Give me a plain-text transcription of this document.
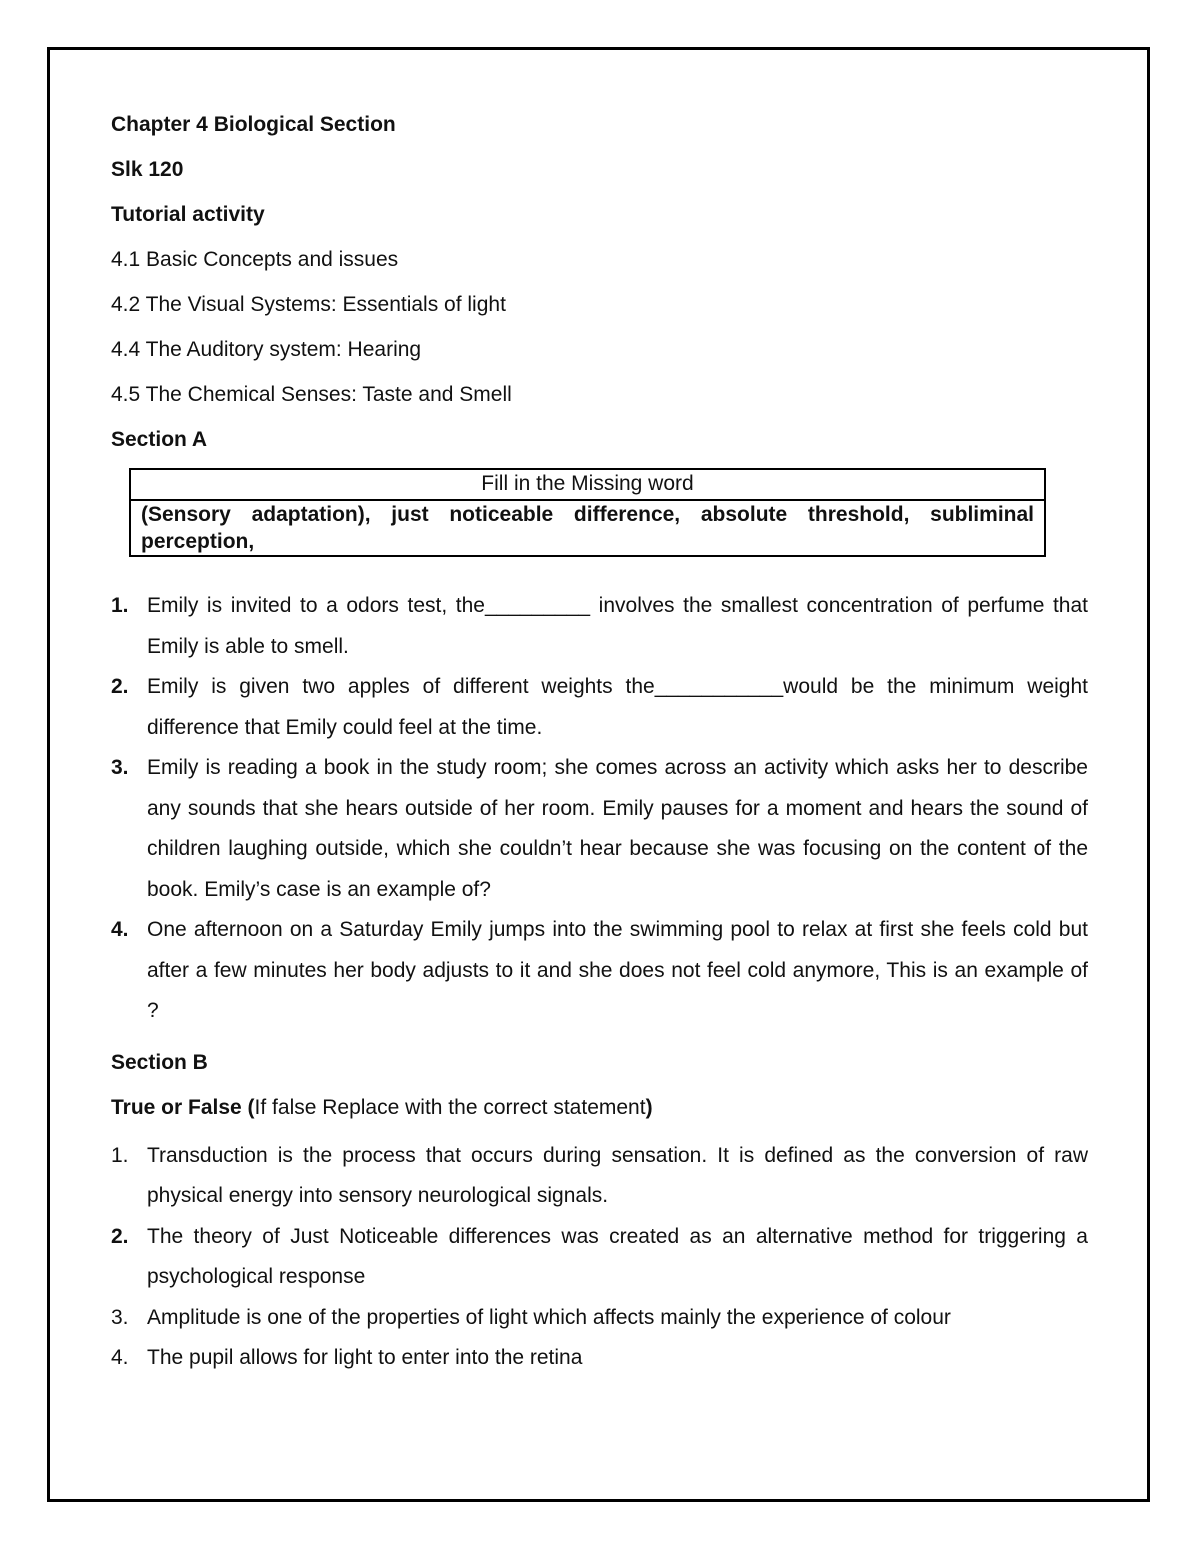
Chapter 4 Biological Section

Slk 120

Tutorial activity

4.1 Basic Concepts and issues

4.2 The Visual Systems: Essentials of light

4.4 The Auditory system: Hearing

4.5 The Chemical Senses: Taste and Smell

Section A

Fill in the Missing word
(Sensory adaptation), just noticeable difference, absolute threshold, subliminal perception,
1. Emily is invited to a odors test, the_________ involves the smallest concentration of perfume that Emily is able to smell.
2. Emily is given two apples of different weights the___________would be the minimum weight difference that Emily could feel at the time.
3. Emily is reading a book in the study room; she comes across an activity which asks her to describe any sounds that she hears outside of her room. Emily pauses for a moment and hears the sound of children laughing outside, which she couldn’t hear because she was focusing on the content of the book. Emily’s case is an example of?
4. One afternoon on a Saturday Emily jumps into the swimming pool to relax at first she feels cold but after a few minutes her body adjusts to it and she does not feel cold anymore, This is an example of ?

Section B

True or False (If false Replace with the correct statement)

1. Transduction is the process that occurs during sensation. It is defined as the conversion of raw physical energy into sensory neurological signals.
2. The theory of Just Noticeable differences was created as an alternative method for triggering a psychological response
3. Amplitude is one of the properties of light which affects mainly the experience of colour
4. The pupil allows for light to enter into the retina
